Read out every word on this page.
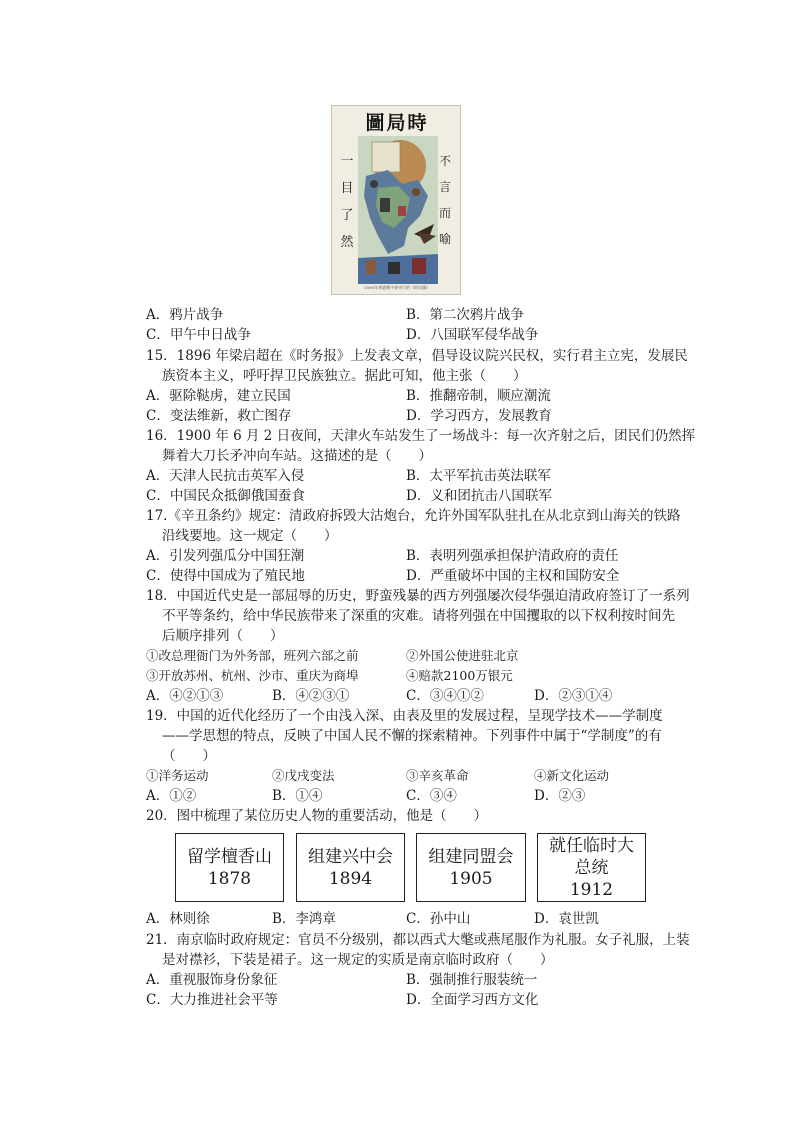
圖局時
一
目
了
然
不
言
而
喻
1898年香港興中會刊行的《時局圖》
A．鸦片战争	B．第二次鸦片战争
C．甲午中日战争	D．八国联军侵华战争
15．1896 年梁启超在《时务报》上发表文章，倡导设议院兴民权，实行君主立宪，发展民
族资本主义，呼吁捍卫民族独立。据此可知，他主张（　　）
A．驱除鞑虏，建立民国	B．推翻帝制，顺应潮流
C．变法维新，救亡图存	D．学习西方，发展教育
16．1900 年 6 月 2 日夜间，天津火车站发生了一场战斗：每一次齐射之后，团民们仍然挥
舞着大刀长矛冲向车站。这描述的是（　　）
A．天津人民抗击英军入侵	B．太平军抗击英法联军
C．中国民众抵御俄国蚕食	D．义和团抗击八国联军
17.《辛丑条约》规定：清政府拆毁大沽炮台，允许外国军队驻扎在从北京到山海关的铁路
沿线要地。这一规定（　　）
A．引发列强瓜分中国狂潮	B．表明列强承担保护清政府的责任
C．使得中国成为了殖民地	D．严重破坏中国的主权和国防安全
18．中国近代史是一部屈辱的历史，野蛮残暴的西方列强屡次侵华强迫清政府签订了一系列
不平等条约，给中华民族带来了深重的灾难。请将列强在中国攫取的以下权利按时间先
后顺序排列（　　）
①改总理衙门为外务部，班列六部之前	②外国公使进驻北京
③开放苏州、杭州、沙市、重庆为商埠	④赔款2100万银元
A．④②①③	B．④②③①	C．③④①②	D．②③①④
19．中国的近代化经历了一个由浅入深、由表及里的发展过程，呈现学技术——学制度
——学思想的特点，反映了中国人民不懈的探索精神。下列事件中属于“学制度”的有
（　　）
①洋务运动	②戊戌变法	③辛亥革命	④新文化运动
A．①②	B．①④	C．③④	D．②③
20．图中梳理了某位历史人物的重要活动，他是（　　）
留学檀香山
1878
组建兴中会
1894
组建同盟会
1905
就任临时大
总统
1912
A．林则徐	B．李鸿章	C．孙中山	D．袁世凯
21．南京临时政府规定：官员不分级别，都以西式大氅或燕尾服作为礼服。女子礼服，上装
是对襟衫，下装是裙子。这一规定的实质是南京临时政府（　　）
A．重视服饰身份象征	B．强制推行服装统一
C．大力推进社会平等	D．全面学习西方文化
